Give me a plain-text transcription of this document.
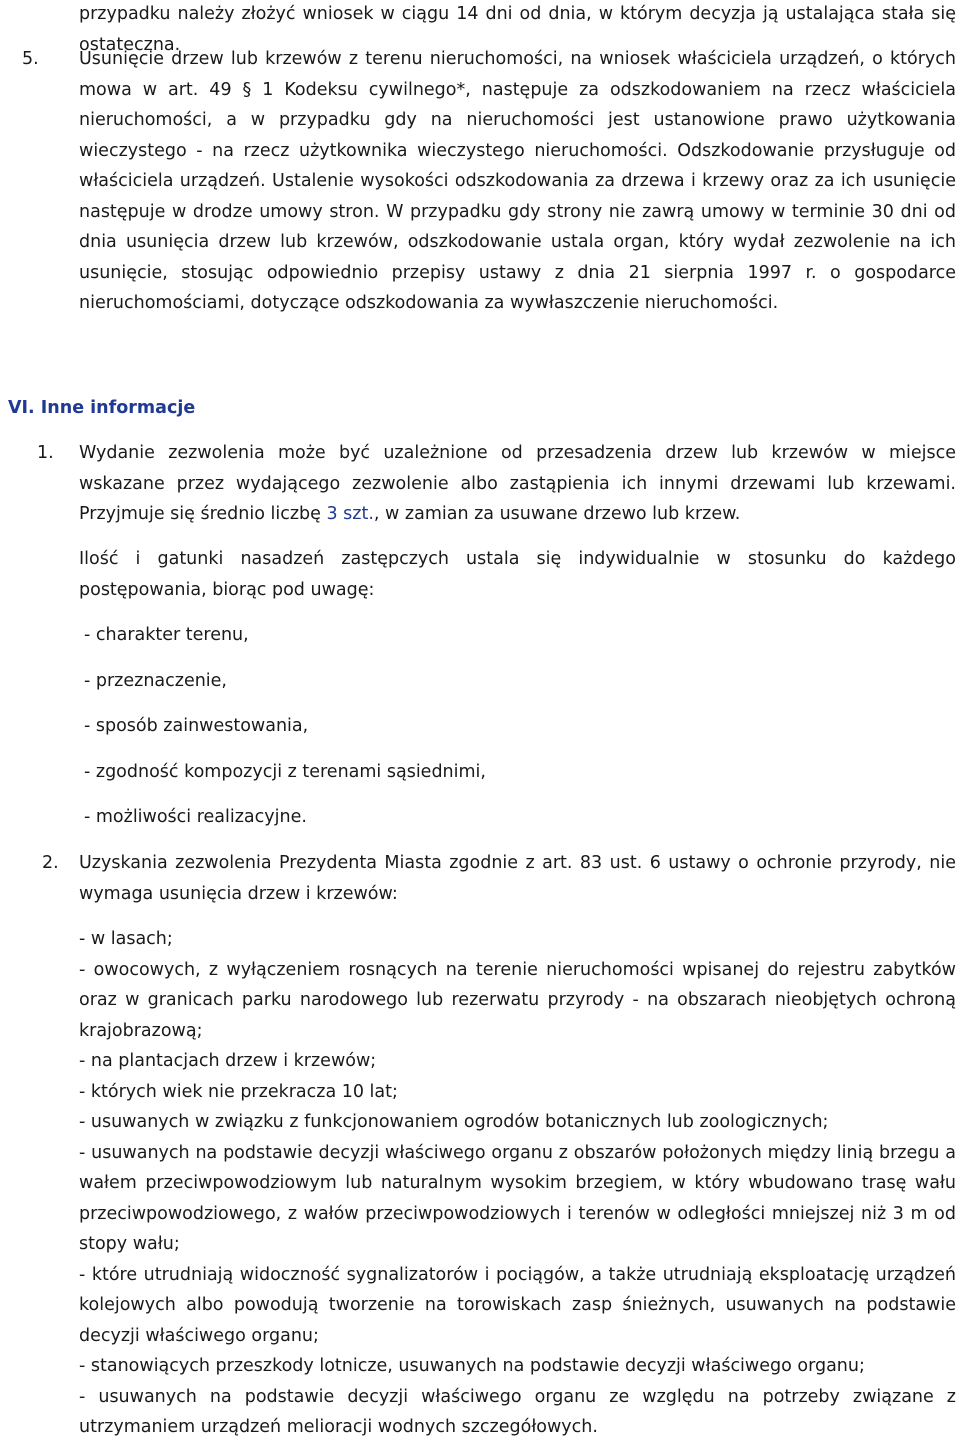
przypadku należy złożyć wniosek w ciągu 14 dni od dnia, w którym decyzja ją ustalająca stała się ostateczna.

5. Usunięcie drzew lub krzewów z terenu nieruchomości, na wniosek właściciela urządzeń, o których mowa w art. 49 § 1 Kodeksu cywilnego*, następuje za odszkodowaniem na rzecz właściciela nieruchomości, a w przypadku gdy na nieruchomości jest ustanowione prawo użytkowania wieczystego - na rzecz użytkownika wieczystego nieruchomości. Odszkodowanie przysługuje od właściciela urządzeń. Ustalenie wysokości odszkodowania za drzewa i krzewy oraz za ich usunięcie następuje w drodze umowy stron. W przypadku gdy strony nie zawrą umowy w terminie 30 dni od dnia usunięcia drzew lub krzewów, odszkodowanie ustala organ, który wydał zezwolenie na ich usunięcie, stosując odpowiednio przepisy ustawy z dnia 21 sierpnia 1997 r. o gospodarce nieruchomościami, dotyczące odszkodowania za wywłaszczenie nieruchomości.

VI. Inne informacje
1. Wydanie zezwolenia może być uzależnione od przesadzenia drzew lub krzewów w miejsce wskazane przez wydającego zezwolenie albo zastąpienia ich innymi drzewami lub krzewami. Przyjmuje się średnio liczbę 3 szt., w zamian za usuwane drzewo lub krzew.

Ilość i gatunki nasadzeń zastępczych ustala się indywidualnie w stosunku do każdego postępowania, biorąc pod uwagę:

- charakter terenu,
- przeznaczenie,
- sposób zainwestowania,
- zgodność kompozycji z terenami sąsiednimi,
- możliwości realizacyjne.
2. Uzyskania zezwolenia Prezydenta Miasta zgodnie z art. 83 ust. 6 ustawy o ochronie przyrody, nie wymaga usunięcia drzew i krzewów:

- w lasach;

- owocowych, z wyłączeniem rosnących na terenie nieruchomości wpisanej do rejestru zabytków oraz w granicach parku narodowego lub rezerwatu przyrody - na obszarach nieobjętych ochroną krajobrazową;

- na plantacjach drzew i krzewów;

- których wiek nie przekracza 10 lat;

- usuwanych w związku z funkcjonowaniem ogrodów botanicznych lub zoologicznych;

- usuwanych na podstawie decyzji właściwego organu z obszarów położonych między linią brzegu a wałem przeciwpowodziowym lub naturalnym wysokim brzegiem, w który wbudowano trasę wału przeciwpowodziowego, z wałów przeciwpowodziowych i terenów w odległości mniejszej niż 3 m od stopy wału;

- które utrudniają widoczność sygnalizatorów i pociągów, a także utrudniają eksploatację urządzeń kolejowych albo powodują tworzenie na torowiskach zasp śnieżnych, usuwanych na podstawie decyzji właściwego organu;

- stanowiących przeszkody lotnicze, usuwanych na podstawie decyzji właściwego organu;

- usuwanych na podstawie decyzji właściwego organu ze względu na potrzeby związane z utrzymaniem urządzeń melioracji wodnych szczegółowych.
